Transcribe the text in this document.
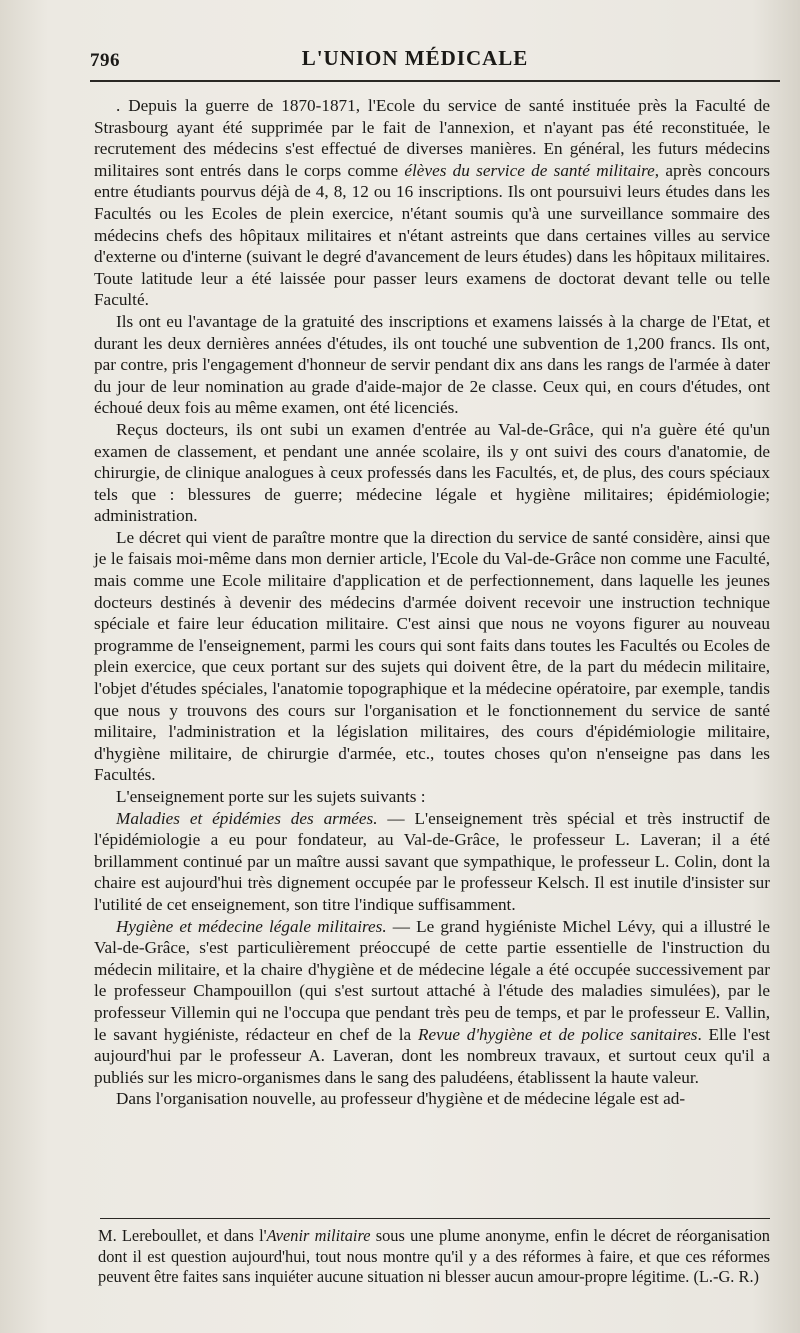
796	L'UNION MÉDICALE

. Depuis la guerre de 1870-1871, l'Ecole du service de santé instituée près la Faculté de Strasbourg ayant été supprimée par le fait de l'annexion, et n'ayant pas été reconstituée, le recrutement des médecins s'est effectué de diverses manières. En général, les futurs médecins militaires sont entrés dans le corps comme élèves du service de santé militaire, après concours entre étudiants pourvus déjà de 4, 8, 12 ou 16 inscriptions. Ils ont poursuivi leurs études dans les Facultés ou les Ecoles de plein exercice, n'étant soumis qu'à une surveillance sommaire des médecins chefs des hôpitaux militaires et n'étant astreints que dans certaines villes au service d'externe ou d'interne (suivant le degré d'avancement de leurs études) dans les hôpitaux militaires. Toute latitude leur a été laissée pour passer leurs examens de doctorat devant telle ou telle Faculté.

Ils ont eu l'avantage de la gratuité des inscriptions et examens laissés à la charge de l'Etat, et durant les deux dernières années d'études, ils ont touché une subvention de 1,200 francs. Ils ont, par contre, pris l'engagement d'honneur de servir pendant dix ans dans les rangs de l'armée à dater du jour de leur nomination au grade d'aide-major de 2e classe. Ceux qui, en cours d'études, ont échoué deux fois au même examen, ont été licenciés.

Reçus docteurs, ils ont subi un examen d'entrée au Val-de-Grâce, qui n'a guère été qu'un examen de classement, et pendant une année scolaire, ils y ont suivi des cours d'anatomie, de chirurgie, de clinique analogues à ceux professés dans les Facultés, et, de plus, des cours spéciaux tels que : blessures de guerre; médecine légale et hygiène militaires; épidémiologie; administration.

Le décret qui vient de paraître montre que la direction du service de santé considère, ainsi que je le faisais moi-même dans mon dernier article, l'Ecole du Val-de-Grâce non comme une Faculté, mais comme une Ecole militaire d'application et de perfectionnement, dans laquelle les jeunes docteurs destinés à devenir des médecins d'armée doivent recevoir une instruction technique spéciale et faire leur éducation militaire. C'est ainsi que nous ne voyons figurer au nouveau programme de l'enseignement, parmi les cours qui sont faits dans toutes les Facultés ou Ecoles de plein exercice, que ceux portant sur des sujets qui doivent être, de la part du médecin militaire, l'objet d'études spéciales, l'anatomie topographique et la médecine opératoire, par exemple, tandis que nous y trouvons des cours sur l'organisation et le fonctionnement du service de santé militaire, l'administration et la législation militaires, des cours d'épidémiologie militaire, d'hygiène militaire, de chirurgie d'armée, etc., toutes choses qu'on n'enseigne pas dans les Facultés.

L'enseignement porte sur les sujets suivants :

Maladies et épidémies des armées. — L'enseignement très spécial et très instructif de l'épidémiologie a eu pour fondateur, au Val-de-Grâce, le professeur L. Laveran; il a été brillamment continué par un maître aussi savant que sympathique, le professeur L. Colin, dont la chaire est aujourd'hui très dignement occupée par le professeur Kelsch. Il est inutile d'insister sur l'utilité de cet enseignement, son titre l'indique suffisamment.

Hygiène et médecine légale militaires. — Le grand hygiéniste Michel Lévy, qui a illustré le Val-de-Grâce, s'est particulièrement préoccupé de cette partie essentielle de l'instruction du médecin militaire, et la chaire d'hygiène et de médecine légale a été occupée successivement par le professeur Champouillon (qui s'est surtout attaché à l'étude des maladies simulées), par le professeur Villemin qui ne l'occupa que pendant très peu de temps, et par le professeur E. Vallin, le savant hygiéniste, rédacteur en chef de la Revue d'hygiène et de police sanitaires. Elle l'est aujourd'hui par le professeur A. Laveran, dont les nombreux travaux, et surtout ceux qu'il a publiés sur les micro-organismes dans le sang des paludéens, établissent la haute valeur.

Dans l'organisation nouvelle, au professeur d'hygiène et de médecine légale est ad-

M. Lereboullet, et dans l'Avenir militaire sous une plume anonyme, enfin le décret de réorganisation dont il est question aujourd'hui, tout nous montre qu'il y a des réformes à faire, et que ces réformes peuvent être faites sans inquiéter aucune situation ni blesser aucun amour-propre légitime. (L.-G. R.)
